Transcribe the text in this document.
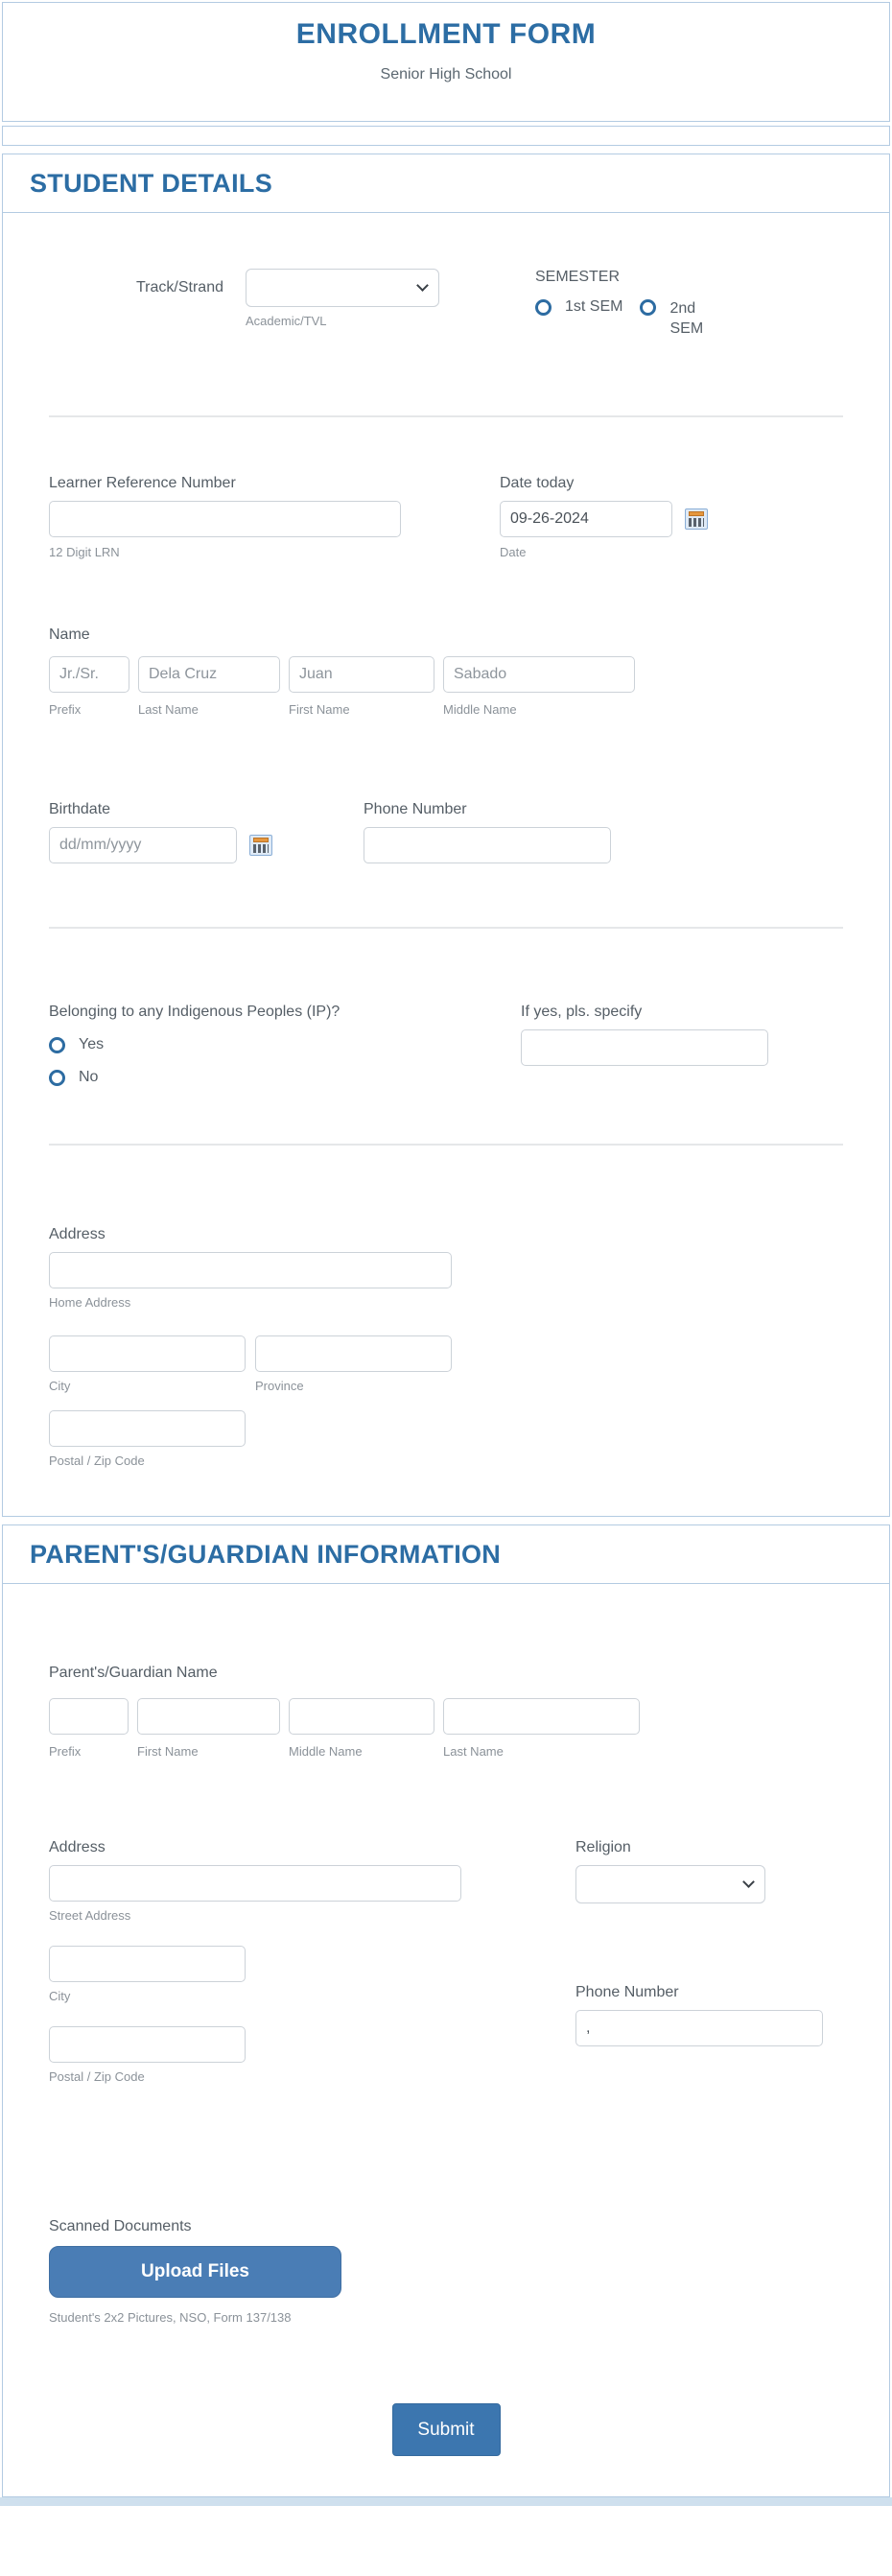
ENROLLMENT FORM
Senior High School
STUDENT DETAILS
Track/Strand
Academic/TVL
SEMESTER
1st SEM	2nd SEM
Learner Reference Number
12 Digit LRN
Date today
09-26-2024
Date
Name
Jr./Sr.
Prefix
Dela Cruz	Last Name
Juan	First Name
Sabado	Middle Name
Birthdate
dd/mm/yyyy	Phone Number
Belonging to any Indigenous Peoples (IP)?
Yes
No
If yes, pls. specify
Address
Home Address
City	Province
Postal / Zip Code
PARENT'S/GUARDIAN INFORMATION
Parent's/Guardian Name
Prefix	First Name	Middle Name	Last Name
Address
Street Address
City
Postal / Zip Code
Religion
Phone Number
,
Scanned Documents
Upload Files
Student's 2x2 Pictures, NSO, Form 137/138
Submit
